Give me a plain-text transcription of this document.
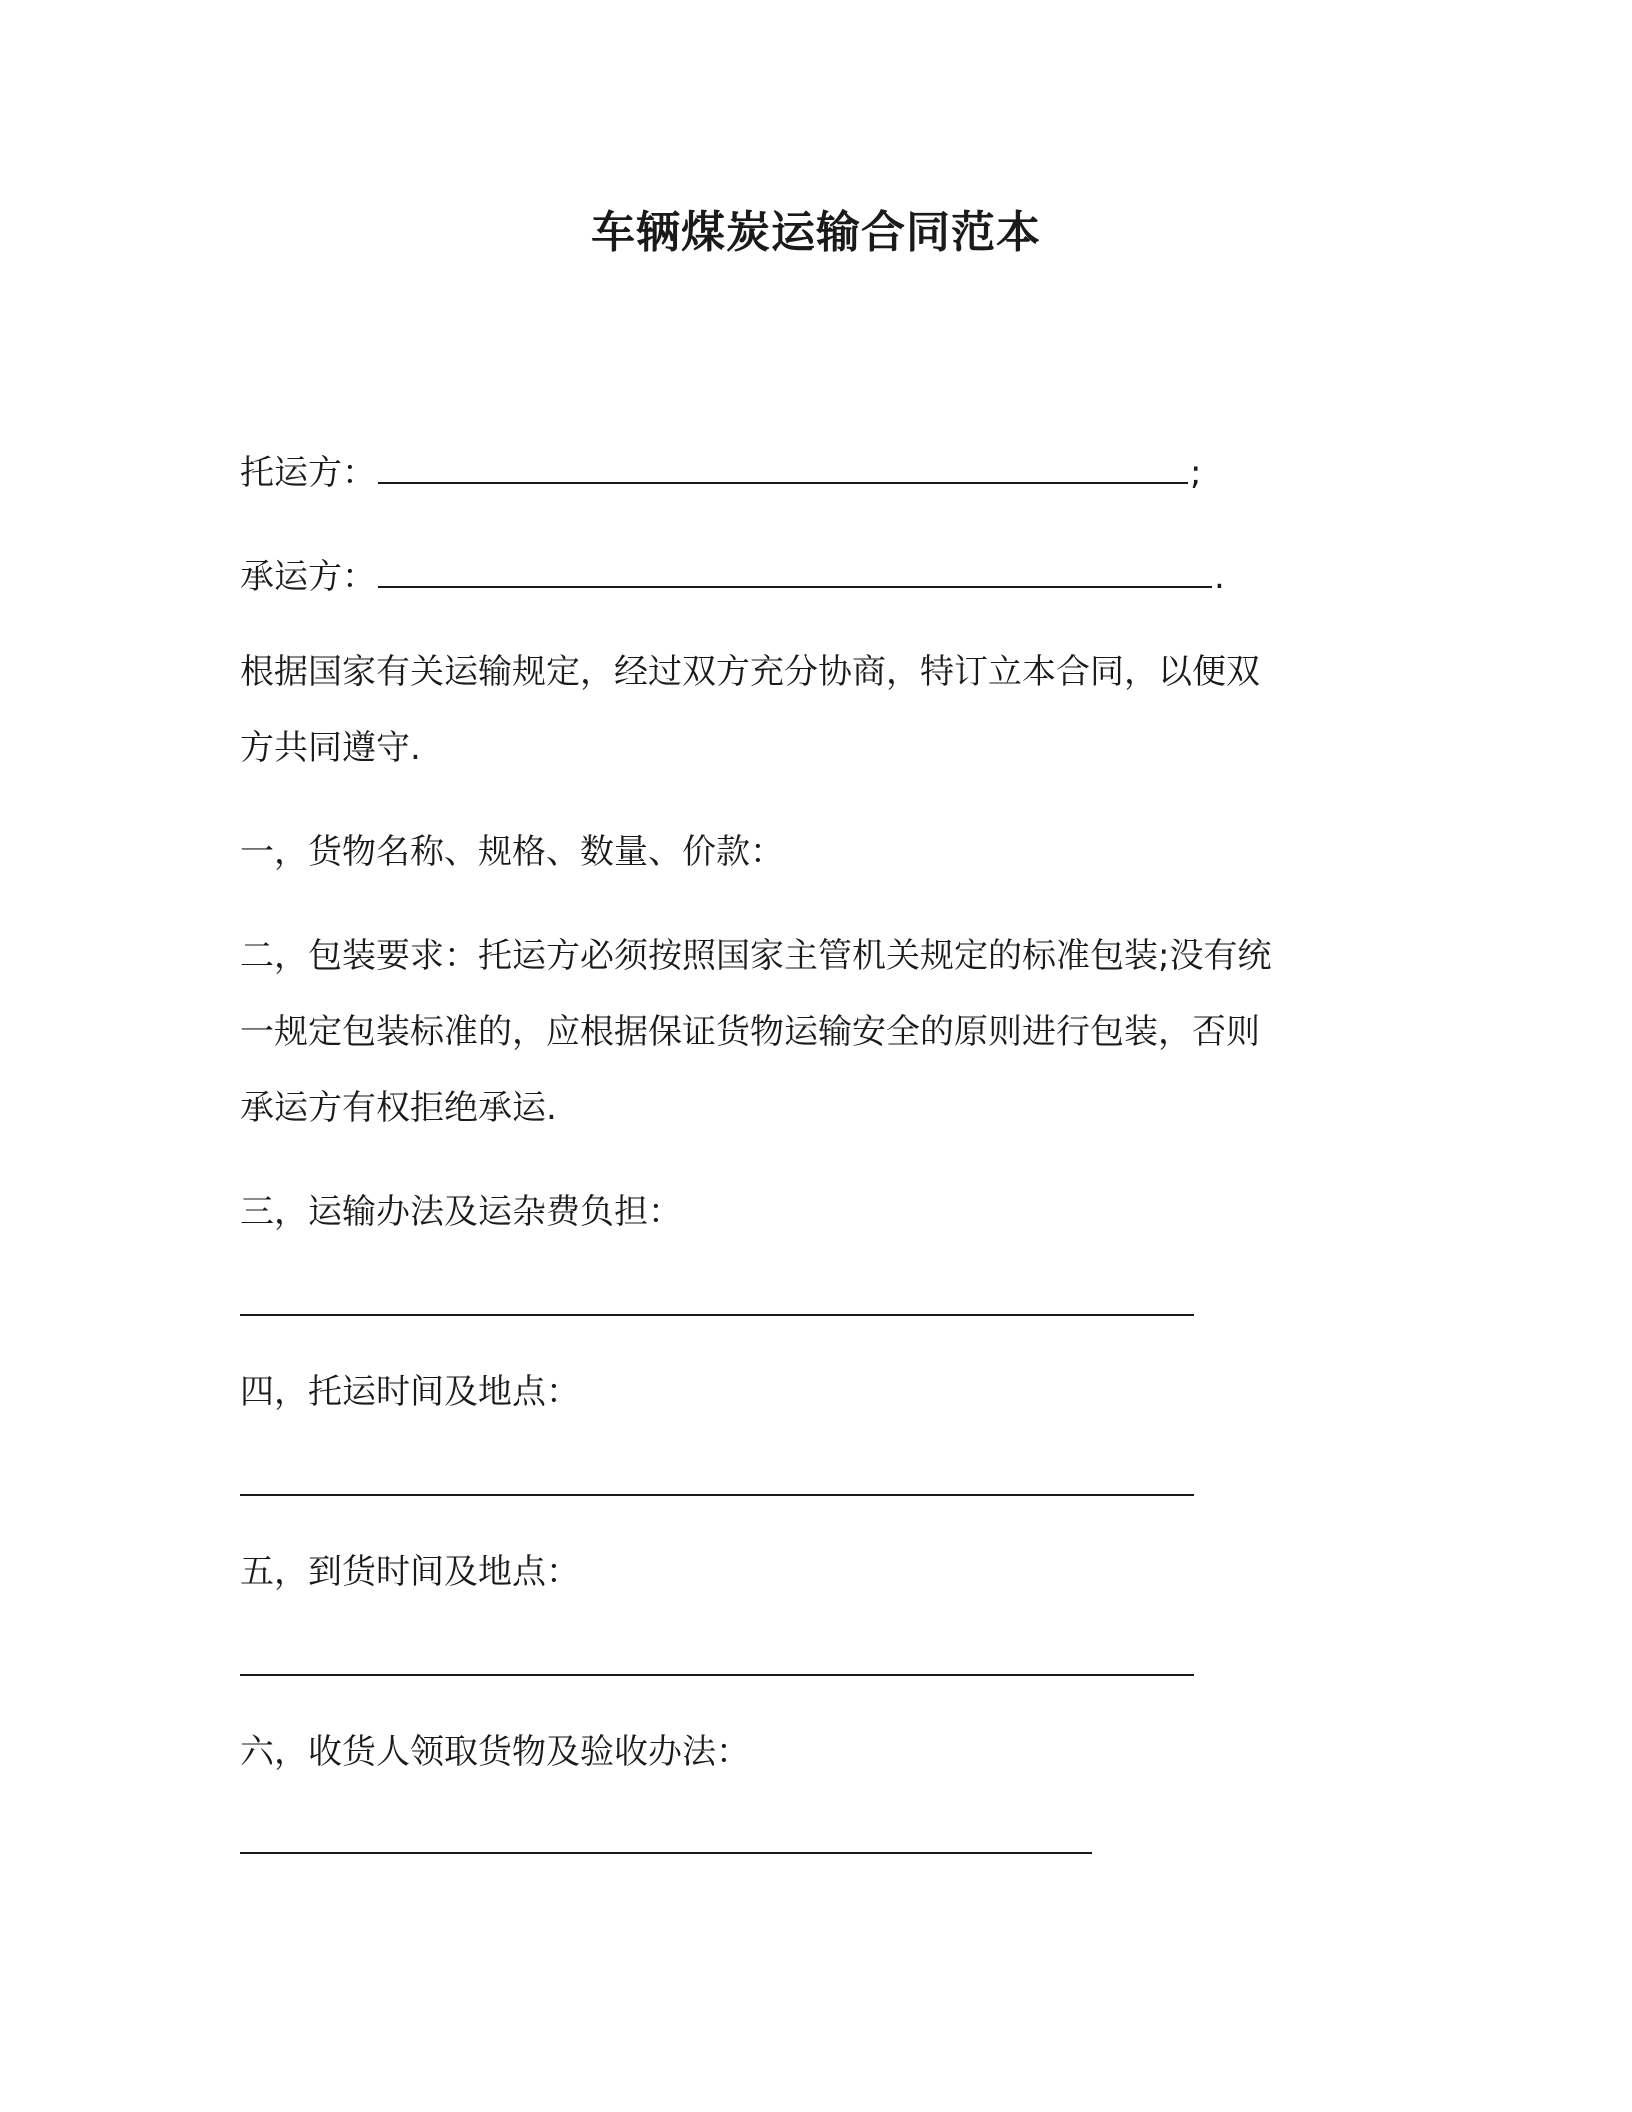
车辆煤炭运输合同范本
托运方：	;
承运方：	.
根据国家有关运输规定，经过双方充分协商，特订立本合同，以便双
方共同遵守.
一，货物名称、规格、数量、价款：
二，包装要求：托运方必须按照国家主管机关规定的标准包装;没有统
一规定包装标准的，应根据保证货物运输安全的原则进行包装，否则
承运方有权拒绝承运.
三，运输办法及运杂费负担：
四，托运时间及地点：
五，到货时间及地点：
六，收货人领取货物及验收办法：
